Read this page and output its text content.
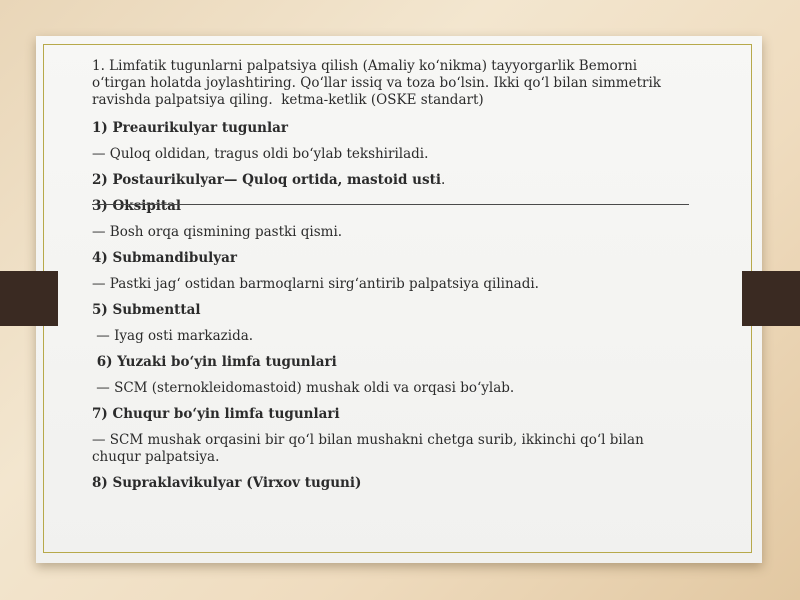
1. Limfatik tugunlarni palpatsiya qilish (Amaliy ko‘nikma) tayyorgarlik Bemorni o‘tirgan holatda joylashtiring. Qo‘llar issiq va toza bo‘lsin. Ikki qo‘l bilan simmetrik ravishda palpatsiya qiling.  ketma-ketlik (OSKE standart)

1) Preaurikulyar tugunlar

— Quloq oldidan, tragus oldi bo‘ylab tekshiriladi.

2) Postaurikulyar— Quloq ortida, mastoid usti.

3) Oksipital

— Bosh orqa qismining pastki qismi.

4) Submandibulyar

— Pastki jag‘ ostidan barmoqlarni sirg‘antirib palpatsiya qilinadi.

5) Submenttal

— Iyag osti markazida.

6) Yuzaki bo‘yin limfa tugunlari

— SCM (sternokleidomastoid) mushak oldi va orqasi bo‘ylab.

7) Chuqur bo‘yin limfa tugunlari

— SCM mushak orqasini bir qo‘l bilan mushakni chetga surib, ikkinchi qo‘l bilan chuqur palpatsiya.

8) Supraklavikulyar (Virxov tuguni)
